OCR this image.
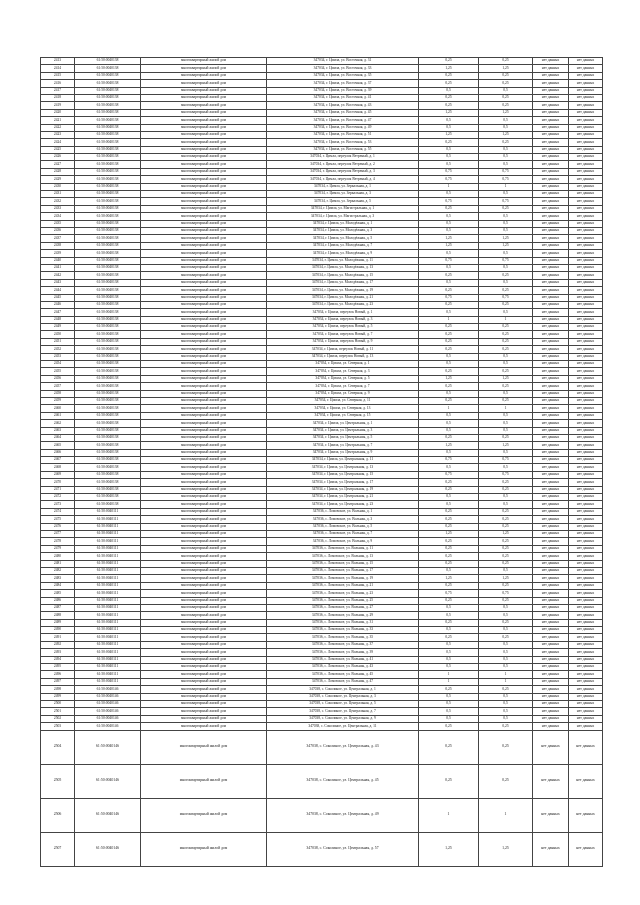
2413	61:50:0040138	многоквартирный жилой дом	347034, г. Цимла, ул. Восточная, д. 31	0,25	0,25	нет данных	нет данных
2414	61:50:0040138	многоквартирный жилой дом	347034, г. Цимла, ул. Восточная, д. 33	1,25	1,25	нет данных	нет данных
2415	61:50:0040138	многоквартирный жилой дом	347034, г. Цимла, ул. Восточная, д. 35	0,25	0,25	нет данных	нет данных
2416	61:50:0040138	многоквартирный жилой дом	347034, г. Цимла, ул. Восточная, д. 37	0,25	0,25	нет данных	нет данных
2417	61:50:0040138	многоквартирный жилой дом	347034, г. Цимла, ул. Восточная, д. 39	0,5	0,5	нет данных	нет данных
2418	61:50:0040138	многоквартирный жилой дом	347034, г. Цимла, ул. Восточная, д. 41	0,25	0,25	нет данных	нет данных
2419	61:50:0040138	многоквартирный жилой дом	347034, г. Цимла, ул. Восточная, д. 43	0,25	0,25	нет данных	нет данных
2420	61:50:0040138	многоквартирный жилой дом	347034, г. Цимла, ул. Восточная, д. 45	1,25	1,25	нет данных	нет данных
2421	61:50:0040138	многоквартирный жилой дом	347034, г. Цимла, ул. Восточная, д. 47	0,5	0,5	нет данных	нет данных
2422	61:50:0040138	многоквартирный жилой дом	347034, г. Цимла, ул. Восточная, д. 49	0,5	0,5	нет данных	нет данных
2423	61:50:0040138	многоквартирный жилой дом	347034, г. Цимла, ул. Восточная, д. 51	1,25	1,25	нет данных	нет данных
2424	61:50:0040138	многоквартирный жилой дом	347034, г. Цимла, ул. Восточная, д. 53	0,25	0,25	нет данных	нет данных
2425	61:50:0040138	многоквартирный жилой дом	347034, г. Цимла, ул. Восточная, д. 55	0,5	0,5	нет данных	нет данных
2426	61:50:0040138	многоквартирный жилой дом	347034, г. Цимла, переулок Ветреный, д. 1	0,5	0,5	нет данных	нет данных
2427	61:50:0040138	многоквартирный жилой дом	347034, г. Цимла, переулок Ветреный, д. 2	0,5	0,5	нет данных	нет данных
2428	61:50:0040138	многоквартирный жилой дом	347034, г. Цимла, переулок Ветреный, д. 3	0,75	0,75	нет данных	нет данных
2429	61:50:0040138	многоквартирный жилой дом	347034, г. Цимла, переулок Ветреный, д. 4	0,75	0,75	нет данных	нет данных
2430	61:50:0040138	многоквартирный жилой дом	347034, г. Цимла, ул. Зеркальная, д. 1	1	1	нет данных	нет данных
2431	61:50:0040138	многоквартирный жилой дом	347034, г. Цимла, ул. Зеркальная, д. 3	0,5	0,5	нет данных	нет данных
2432	61:50:0040138	многоквартирный жилой дом	347034, г. Цимла, ул. Зеркальная, д. 5	0,75	0,75	нет данных	нет данных
2433	61:50:0040138	многоквартирный жилой дом	347034, г. Цимла, ул. Магистральная, д. 1	0,25	0,25	нет данных	нет данных
2434	61:50:0040138	многоквартирный жилой дом	347034, г. Цимла, ул. Магистральная, д. 3	0,5	0,5	нет данных	нет данных
2435	61:50:0040138	многоквартирный жилой дом	347034, г. Цимла, ул. Молодёжная, д. 1	0,5	0,5	нет данных	нет данных
2436	61:50:0040138	многоквартирный жилой дом	347034, г. Цимла, ул. Молодёжная, д. 3	0,5	0,5	нет данных	нет данных
2437	61:50:0040138	многоквартирный жилой дом	347034, г. Цимла, ул. Молодёжная, д. 5	1,25	1,25	нет данных	нет данных
2438	61:50:0040138	многоквартирный жилой дом	347034, г. Цимла, ул. Молодёжная, д. 7	1,25	1,25	нет данных	нет данных
2439	61:50:0040138	многоквартирный жилой дом	347034, г. Цимла, ул. Молодёжная, д. 9	0,5	0,5	нет данных	нет данных
2440	61:50:0040138	многоквартирный жилой дом	347034, г. Цимла, ул. Молодёжная, д. 11	0,75	0,75	нет данных	нет данных
2441	61:50:0040138	многоквартирный жилой дом	347034, г. Цимла, ул. Молодёжная, д. 13	0,5	0,5	нет данных	нет данных
2442	61:50:0040138	многоквартирный жилой дом	347034, г. Цимла, ул. Молодёжная, д. 15	0,25	0,25	нет данных	нет данных
2443	61:50:0040138	многоквартирный жилой дом	347034, г. Цимла, ул. Молодёжная, д. 17	0,5	0,5	нет данных	нет данных
2444	61:50:0040138	многоквартирный жилой дом	347034, г. Цимла, ул. Молодёжная, д. 19	0,25	0,25	нет данных	нет данных
2445	61:50:0040138	многоквартирный жилой дом	347034, г. Цимла, ул. Молодёжная, д. 21	0,75	0,75	нет данных	нет данных
2446	61:50:0040138	многоквартирный жилой дом	347034, г. Цимла, ул. Молодёжная, д. 23	0,25	0,25	нет данных	нет данных
2447	61:50:0040138	многоквартирный жилой дом	347034, г. Цимла, переулок Новый, д. 1	0,5	0,5	нет данных	нет данных
2448	61:50:0040138	многоквартирный жилой дом	347034, г. Цимла, переулок Новый, д. 3	1	1	нет данных	нет данных
2449	61:50:0040138	многоквартирный жилой дом	347034, г. Цимла, переулок Новый, д. 5	0,25	0,25	нет данных	нет данных
2450	61:50:0040138	многоквартирный жилой дом	347034, г. Цимла, переулок Новый, д. 7	0,25	0,25	нет данных	нет данных
2451	61:50:0040138	многоквартирный жилой дом	347034, г. Цимла, переулок Новый, д. 9	0,25	0,25	нет данных	нет данных
2452	61:50:0040138	многоквартирный жилой дом	347034, г. Цимла, переулок Новый, д. 11	0,25	0,25	нет данных	нет данных
2453	61:50:0040138	многоквартирный жилой дом	347034, г. Цимла, переулок Новый, д. 13	0,5	0,5	нет данных	нет данных
2454	61:50:0040138	многоквартирный жилой дом	347034, г. Цимла, ул. Северная, д. 1	0,5	0,5	нет данных	нет данных
2455	61:50:0040138	многоквартирный жилой дом	347034, г. Цимла, ул. Северная, д. 3	0,25	0,25	нет данных	нет данных
2456	61:50:0040138	многоквартирный жилой дом	347034, г. Цимла, ул. Северная, д. 5	1,25	1,25	нет данных	нет данных
2457	61:50:0040138	многоквартирный жилой дом	347034, г. Цимла, ул. Северная, д. 7	0,25	0,25	нет данных	нет данных
2458	61:50:0040138	многоквартирный жилой дом	347034, г. Цимла, ул. Северная, д. 9	0,5	0,5	нет данных	нет данных
2459	61:50:0040138	многоквартирный жилой дом	347034, г. Цимла, ул. Северная, д. 11	0,25	0,25	нет данных	нет данных
2460	61:50:0040138	многоквартирный жилой дом	347034, г. Цимла, ул. Северная, д. 13	1	1	нет данных	нет данных
2461	61:50:0040138	многоквартирный жилой дом	347034, г. Цимла, ул. Северная, д. 15	0,5	0,5	нет данных	нет данных
2462	61:50:0040138	многоквартирный жилой дом	347034, г. Цимла, ул. Центральная, д. 1	0,5	0,5	нет данных	нет данных
2463	61:50:0040138	многоквартирный жилой дом	347034, г. Цимла, ул. Центральная, д. 3	0,5	0,5	нет данных	нет данных
2464	61:50:0040138	многоквартирный жилой дом	347034, г. Цимла, ул. Центральная, д. 5	0,25	0,25	нет данных	нет данных
2465	61:50:0040138	многоквартирный жилой дом	347034, г. Цимла, ул. Центральная, д. 7	1,25	1,25	нет данных	нет данных
2466	61:50:0040138	многоквартирный жилой дом	347034, г. Цимла, ул. Центральная, д. 9	0,5	0,5	нет данных	нет данных
2467	61:50:0040138	многоквартирный жилой дом	347034, г. Цимла, ул. Центральная, д. 11	0,75	0,75	нет данных	нет данных
2468	61:50:0040138	многоквартирный жилой дом	347034, г. Цимла, ул. Центральная, д. 13	0,5	0,5	нет данных	нет данных
2469	61:50:0040138	многоквартирный жилой дом	347034, г. Цимла, ул. Центральная, д. 15	0,75	0,75	нет данных	нет данных
2470	61:50:0040138	многоквартирный жилой дом	347034, г. Цимла, ул. Центральная, д. 17	0,25	0,25	нет данных	нет данных
2471	61:50:0040138	многоквартирный жилой дом	347034, г. Цимла, ул. Центральная, д. 19	0,25	0,25	нет данных	нет данных
2472	61:50:0040138	многоквартирный жилой дом	347034, г. Цимла, ул. Центральная, д. 21	0,5	0,5	нет данных	нет данных
2473	61:50:0040138	многоквартирный жилой дом	347034, г. Цимла, ул. Центральная, д. 23	0,5	0,5	нет данных	нет данных
2474	61:50:0040111	многоквартирный жилой дом	347036, с. Ломовское, ул. Вольная, д. 1	0,25	0,25	нет данных	нет данных
2475	61:50:0040111	многоквартирный жилой дом	347036, с. Ломовское, ул. Вольная, д. 3	0,25	0,25	нет данных	нет данных
2476	61:50:0040111	многоквартирный жилой дом	347036, с. Ломовское, ул. Вольная, д. 5	0,25	0,25	нет данных	нет данных
2477	61:50:0040111	многоквартирный жилой дом	347036, с. Ломовское, ул. Вольная, д. 7	1,25	1,25	нет данных	нет данных
2478	61:50:0040111	многоквартирный жилой дом	347036, с. Ломовское, ул. Вольная, д. 9	0,25	0,25	нет данных	нет данных
2479	61:50:0040111	многоквартирный жилой дом	347036, с. Ломовское, ул. Вольная, д. 11	0,25	0,25	нет данных	нет данных
2480	61:50:0040111	многоквартирный жилой дом	347036, с. Ломовское, ул. Вольная, д. 13	0,25	0,25	нет данных	нет данных
2481	61:50:0040111	многоквартирный жилой дом	347036, с. Ломовское, ул. Вольная, д. 15	0,25	0,25	нет данных	нет данных
2482	61:50:0040111	многоквартирный жилой дом	347036, с. Ломовское, ул. Вольная, д. 17	0,5	0,5	нет данных	нет данных
2483	61:50:0040111	многоквартирный жилой дом	347036, с. Ломовское, ул. Вольная, д. 19	1,25	1,25	нет данных	нет данных
2484	61:50:0040111	многоквартирный жилой дом	347036, с. Ломовское, ул. Вольная, д. 21	0,25	0,25	нет данных	нет данных
2485	61:50:0040111	многоквартирный жилой дом	347036, с. Ломовское, ул. Вольная, д. 23	0,75	0,75	нет данных	нет данных
2486	61:50:0040111	многоквартирный жилой дом	347036, с. Ломовское, ул. Вольная, д. 25	0,25	0,25	нет данных	нет данных
2487	61:50:0040111	многоквартирный жилой дом	347036, с. Ломовское, ул. Вольная, д. 27	0,5	0,5	нет данных	нет данных
2488	61:50:0040111	многоквартирный жилой дом	347036, с. Ломовское, ул. Вольная, д. 29	0,5	0,5	нет данных	нет данных
2489	61:50:0040111	многоквартирный жилой дом	347036, с. Ломовское, ул. Вольная, д. 31	0,25	0,25	нет данных	нет данных
2490	61:50:0040111	многоквартирный жилой дом	347036, с. Ломовское, ул. Вольная, д. 33	0,5	0,5	нет данных	нет данных
2491	61:50:0040111	многоквартирный жилой дом	347036, с. Ломовское, ул. Вольная, д. 35	0,25	0,25	нет данных	нет данных
2492	61:50:0040111	многоквартирный жилой дом	347036, с. Ломовское, ул. Вольная, д. 37	0,5	0,5	нет данных	нет данных
2493	61:50:0040111	многоквартирный жилой дом	347036, с. Ломовское, ул. Вольная, д. 39	0,5	0,5	нет данных	нет данных
2494	61:50:0040111	многоквартирный жилой дом	347036, с. Ломовское, ул. Вольная, д. 41	0,5	0,5	нет данных	нет данных
2495	61:50:0040111	многоквартирный жилой дом	347036, с. Ломовское, ул. Вольная, д. 43	0,5	0,5	нет данных	нет данных
2496	61:50:0040111	многоквартирный жилой дом	347036, с. Ломовское, ул. Вольная, д. 45	1	1	нет данных	нет данных
2497	61:50:0040111	многоквартирный жилой дом	347036, с. Ломовское, ул. Вольная, д. 47	1	1	нет данных	нет данных
2498	61:50:0040146	многоквартирный жилой дом	347038, с. Соколиное, ул. Центральная, д. 1	0,25	0,25	нет данных	нет данных
2499	61:50:0040146	многоквартирный жилой дом	347038, с. Соколиное, ул. Центральная, д. 3	0,5	0,5	нет данных	нет данных
2500	61:50:0040146	многоквартирный жилой дом	347038, с. Соколиное, ул. Центральная, д. 5	0,5	0,5	нет данных	нет данных
2501	61:50:0040146	многоквартирный жилой дом	347038, с. Соколиное, ул. Центральная, д. 7	0,5	0,5	нет данных	нет данных
2502	61:50:0040146	многоквартирный жилой дом	347038, с. Соколиное, ул. Центральная, д. 9	0,5	0,5	нет данных	нет данных
2503	61:50:0040146	многоквартирный жилой дом	347038, с. Соколиное, ул. Центральная, д. 11	0,25	0,25	нет данных	нет данных
2504	61:50:0040146	многоквартирный жилой дом	347038, с. Соколиное, ул. Центральная, д. 43	0,25	0,25	нет данных	нет данных
2505	61:50:0040146	многоквартирный жилой дом	347038, с. Соколиное, ул. Центральная, д. 45	0,25	0,25	нет данных	нет данных
2506	61:50:0040146	многоквартирный жилой дом	347038, с. Соколиное, ул. Центральная, д. 49	1	1	нет данных	нет данных
2507	61:50:0040146	многоквартирный жилой дом	347038, с. Соколиное, ул. Центральная, д. 57	1,25	1,25	нет данных	нет данных
